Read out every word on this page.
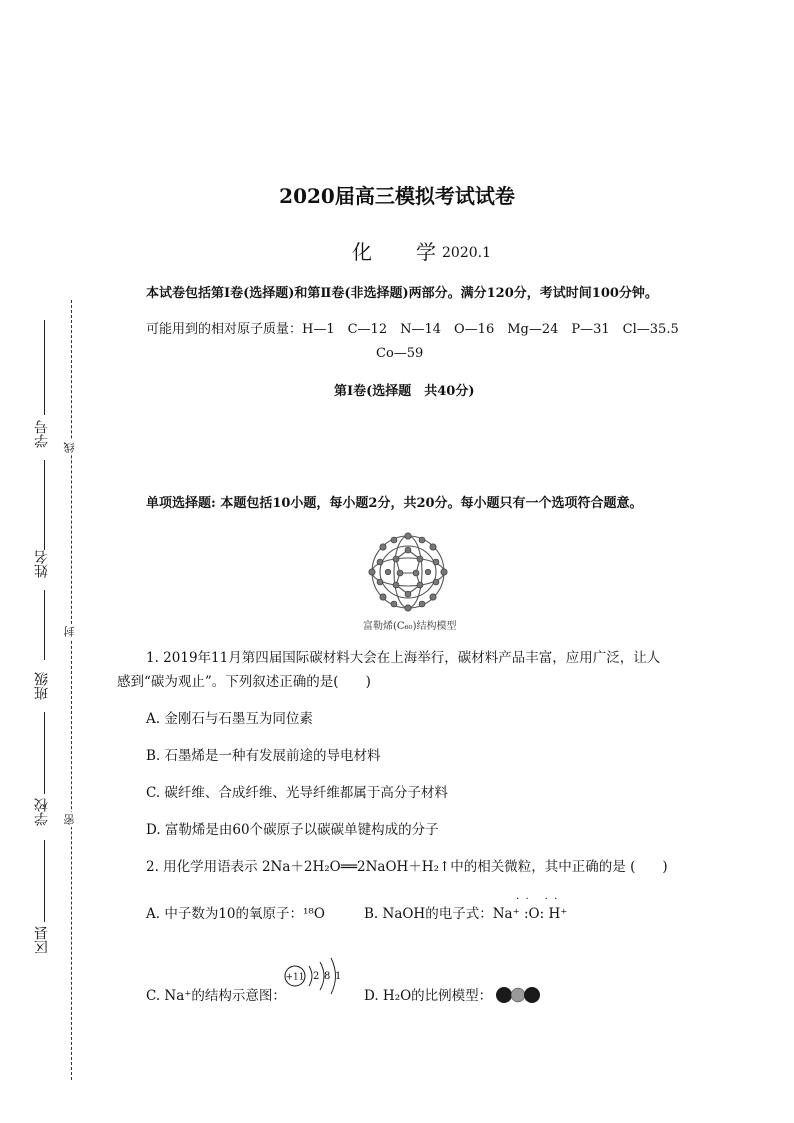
学号
姓名
班级
学校
区县
线
封
密
2020届高三模拟考试试卷
化 学 2020.1
本试卷包括第Ⅰ卷(选择题)和第Ⅱ卷(非选择题)两部分。满分120分，考试时间100分钟。
可能用到的相对原子质量：H—1　C—12　N—14　O—16　Mg—24　P—31　Cl—35.5
Co—59
第Ⅰ卷(选择题　共40分)
单项选择题: 本题包括10小题，每小题2分，共20分。每小题只有一个选项符合题意。
富勒烯(C₆₀)结构模型
1. 2019年11月第四届国际碳材料大会在上海举行，碳材料产品丰富，应用广泛，让人
感到“碳为观止”。下列叙述正确的是(　　)
A. 金刚石与石墨互为同位素
B. 石墨烯是一种有发展前途的导电材料
C. 碳纤维、合成纤维、光导纤维都属于高分子材料
D. 富勒烯是由60个碳原子以碳碳单键构成的分子
2. 用化学用语表示 2Na＋2H₂O══2NaOH＋H₂↑中的相关微粒，其中正确的是 (　　)
A. 中子数为10的氧原子：¹⁸O	B. NaOH的电子式：Na⁺ :O: H⁺
·  ·     ·  ·
C. Na⁺的结构示意图：
+11 2 8 1
D. H₂O的比例模型：
